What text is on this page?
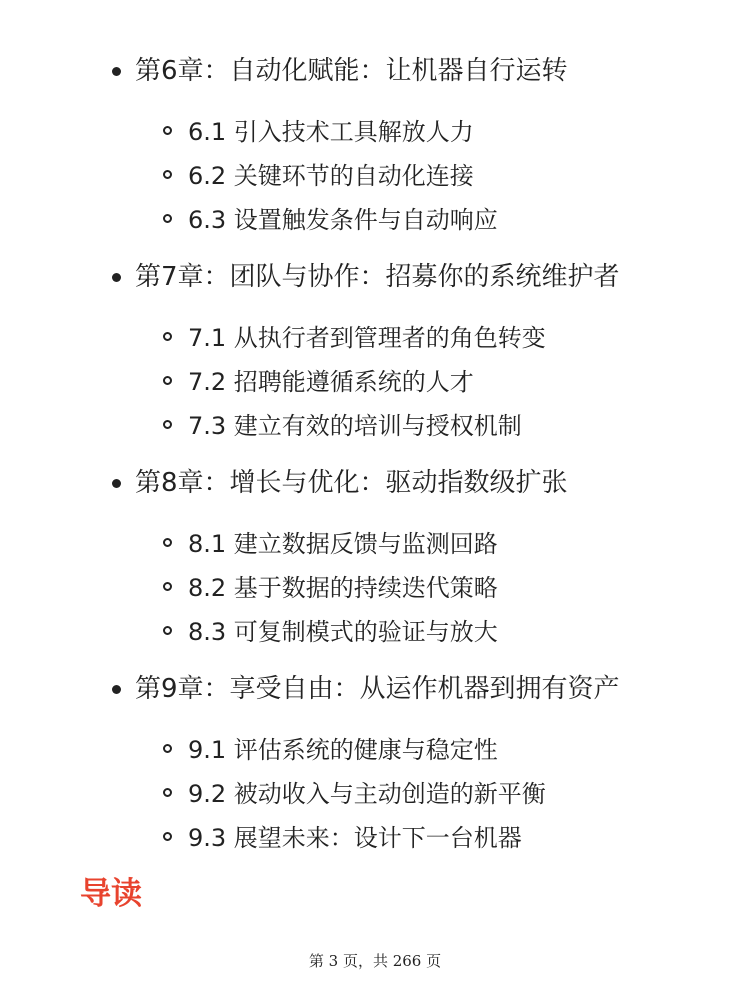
第6章：自动化赋能：让机器自行运转
6.1 引入技术工具解放人力
6.2 关键环节的自动化连接
6.3 设置触发条件与自动响应
第7章：团队与协作：招募你的系统维护者
7.1 从执行者到管理者的角色转变
7.2 招聘能遵循系统的人才
7.3 建立有效的培训与授权机制
第8章：增长与优化：驱动指数级扩张
8.1 建立数据反馈与监测回路
8.2 基于数据的持续迭代策略
8.3 可复制模式的验证与放大
第9章：享受自由：从运作机器到拥有资产
9.1 评估系统的健康与稳定性
9.2 被动收入与主动创造的新平衡
9.3 展望未来：设计下一台机器
导读
第 3 页，共 266 页
